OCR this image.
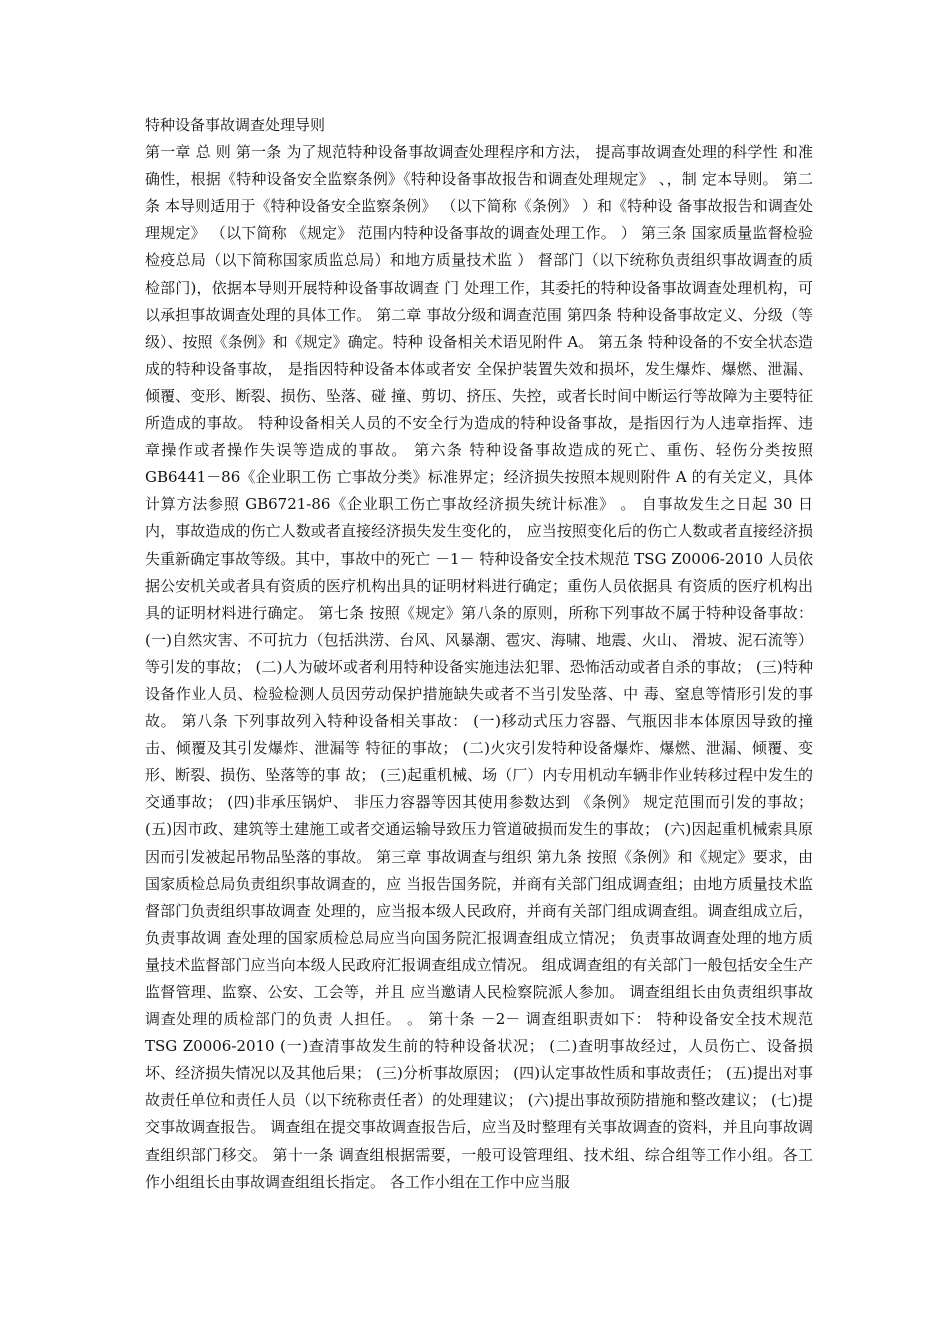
特种设备事故调查处理导则

第一章 总 则 第一条 为了规范特种设备事故调查处理程序和方法， 提高事故调查处理的科学性 和准确性，根据《特种设备安全监察条例》《特种设备事故报告和调查处理规定》 、，制 定本导则。 第二条 本导则适用于《特种设备安全监察条例》 （以下简称《条例》 ）和《特种设 备事故报告和调查处理规定》 （以下简称 《规定》 范围内特种设备事故的调查处理工作。 ） 第三条 国家质量监督检验检疫总局（以下简称国家质监总局）和地方质量技术监 ） 督部门（以下统称负责组织事故调查的质检部门)，依据本导则开展特种设备事故调查 门 处理工作，其委托的特种设备事故调查处理机构，可以承担事故调查处理的具体工作。 第二章 事故分级和调查范围 第四条 特种设备事故定义、分级（等级）、按照《条例》和《规定》确定。特种 设备相关术语见附件 A。 第五条 特种设备的不安全状态造成的特种设备事故， 是指因特种设备本体或者安 全保护装置失效和损坏，发生爆炸、爆燃、泄漏、倾覆、变形、断裂、损伤、坠落、碰 撞、剪切、挤压、失控，或者长时间中断运行等故障为主要特征所造成的事故。 特种设备相关人员的不安全行为造成的特种设备事故，是指因行为人违章指挥、违 章操作或者操作失误等造成的事故。 第六条 特种设备事故造成的死亡、重伤、轻伤分类按照 GB6441－86《企业职工伤 亡事故分类》标准界定；经济损失按照本规则附件 A 的有关定义，具体计算方法参照 GB6721-86《企业职工伤亡事故经济损失统计标准》 。 自事故发生之日起 30 日内，事故造成的伤亡人数或者直接经济损失发生变化的， 应当按照变化后的伤亡人数或者直接经济损失重新确定事故等级。其中，事故中的死亡 －1－ 特种设备安全技术规范 TSG Z0006-2010 人员依据公安机关或者具有资质的医疗机构出具的证明材料进行确定；重伤人员依据具 有资质的医疗机构出具的证明材料进行确定。 第七条 按照《规定》第八条的原则，所称下列事故不属于特种设备事故： (一)自然灾害、不可抗力（包括洪涝、台风、风暴潮、雹灾、海啸、地震、火山、 滑坡、泥石流等）等引发的事故； (二)人为破坏或者利用特种设备实施违法犯罪、恐怖活动或者自杀的事故； (三)特种设备作业人员、检验检测人员因劳动保护措施缺失或者不当引发坠落、中 毒、窒息等情形引发的事故。 第八条 下列事故列入特种设备相关事故： (一)移动式压力容器、气瓶因非本体原因导致的撞击、倾覆及其引发爆炸、泄漏等 特征的事故； (二)火灾引发特种设备爆炸、爆燃、泄漏、倾覆、变形、断裂、损伤、坠落等的事 故； (三)起重机械、场（厂）内专用机动车辆非作业转移过程中发生的交通事故； (四)非承压锅炉、 非压力容器等因其使用参数达到 《条例》 规定范围而引发的事故； (五)因市政、建筑等土建施工或者交通运输导致压力管道破损而发生的事故； (六)因起重机械索具原因而引发被起吊物品坠落的事故。 第三章 事故调查与组织 第九条 按照《条例》和《规定》要求，由国家质检总局负责组织事故调查的，应 当报告国务院，并商有关部门组成调查组；由地方质量技术监督部门负责组织事故调查 处理的，应当报本级人民政府，并商有关部门组成调查组。调查组成立后，负责事故调 查处理的国家质检总局应当向国务院汇报调查组成立情况； 负责事故调查处理的地方质 量技术监督部门应当向本级人民政府汇报调查组成立情况。 组成调查组的有关部门一般包括安全生产监督管理、监察、公安、工会等，并且 应当邀请人民检察院派人参加。 调查组组长由负责组织事故调查处理的质检部门的负责 人担任。 。 第十条 －2－ 调查组职责如下： 特种设备安全技术规范 TSG Z0006-2010 (一)查清事故发生前的特种设备状况； (二)查明事故经过，人员伤亡、设备损坏、经济损失情况以及其他后果； (三)分析事故原因； (四)认定事故性质和事故责任； (五)提出对事故责任单位和责任人员（以下统称责任者）的处理建议； (六)提出事故预防措施和整改建议； (七)提交事故调查报告。 调查组在提交事故调查报告后，应当及时整理有关事故调查的资料，并且向事故调 查组织部门移交。 第十一条 调查组根据需要，一般可设管理组、技术组、综合组等工作小组。各工 作小组组长由事故调查组组长指定。 各工作小组在工作中应当服
